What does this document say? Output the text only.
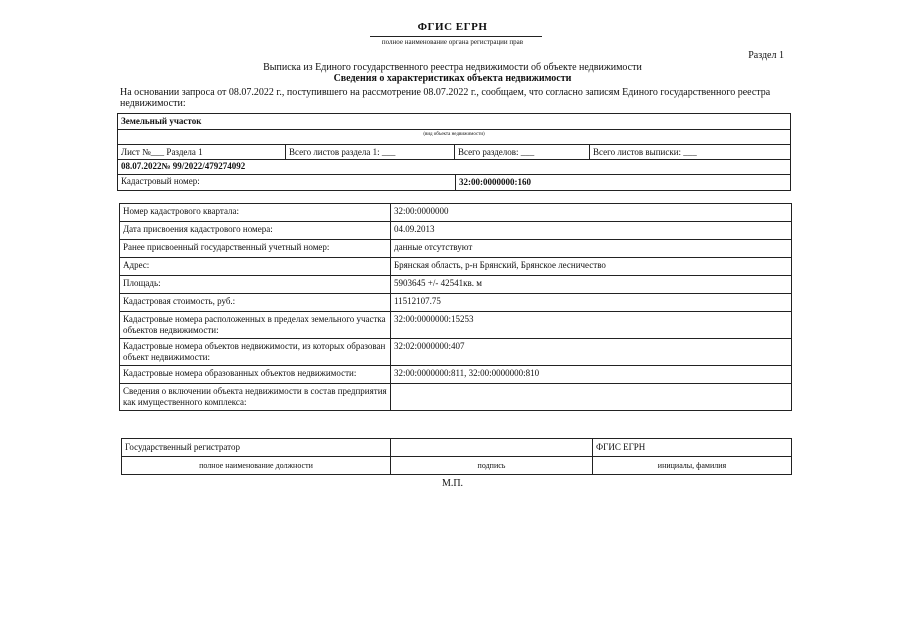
ФГИС ЕГРН
полное наименование органа регистрации прав
Раздел 1
Выписка из Единого государственного реестра недвижимости об объекте недвижимости
Сведения о характеристиках объекта недвижимости
На основании запроса от 08.07.2022 г., поступившего на рассмотрение 08.07.2022 г., сообщаем, что согласно записям Единого государственного реестра недвижимости:
Земельный участок
(вид объекта недвижимости)
Лист №___ Раздела 1	Всего листов раздела 1: ___	Всего разделов: ___	Всего листов выписки: ___
08.07.2022№ 99/2022/479274092
Кадастровый номер:	32:00:0000000:160
Номер кадастрового квартала:	32:00:0000000
Дата присвоения кадастрового номера:	04.09.2013
Ранее присвоенный государственный учетный номер:	данные отсутствуют
Адрес:	Брянская область, р-н Брянский, Брянское лесничество
Площадь:	5903645 +/- 42541кв. м
Кадастровая стоимость, руб.:	11512107.75
Кадастровые номера расположенных в пределах земельного участка объектов недвижимости:	32:00:0000000:15253
Кадастровые номера объектов недвижимости, из которых образован объект недвижимости:	32:02:0000000:407
Кадастровые номера образованных объектов недвижимости:	32:00:0000000:811, 32:00:0000000:810
Сведения о включении объекта недвижимости в состав предприятия как имущественного комплекса:	
Государственный регистратор		ФГИС ЕГРН
полное наименование должности	подпись	инициалы, фамилия
М.П.
